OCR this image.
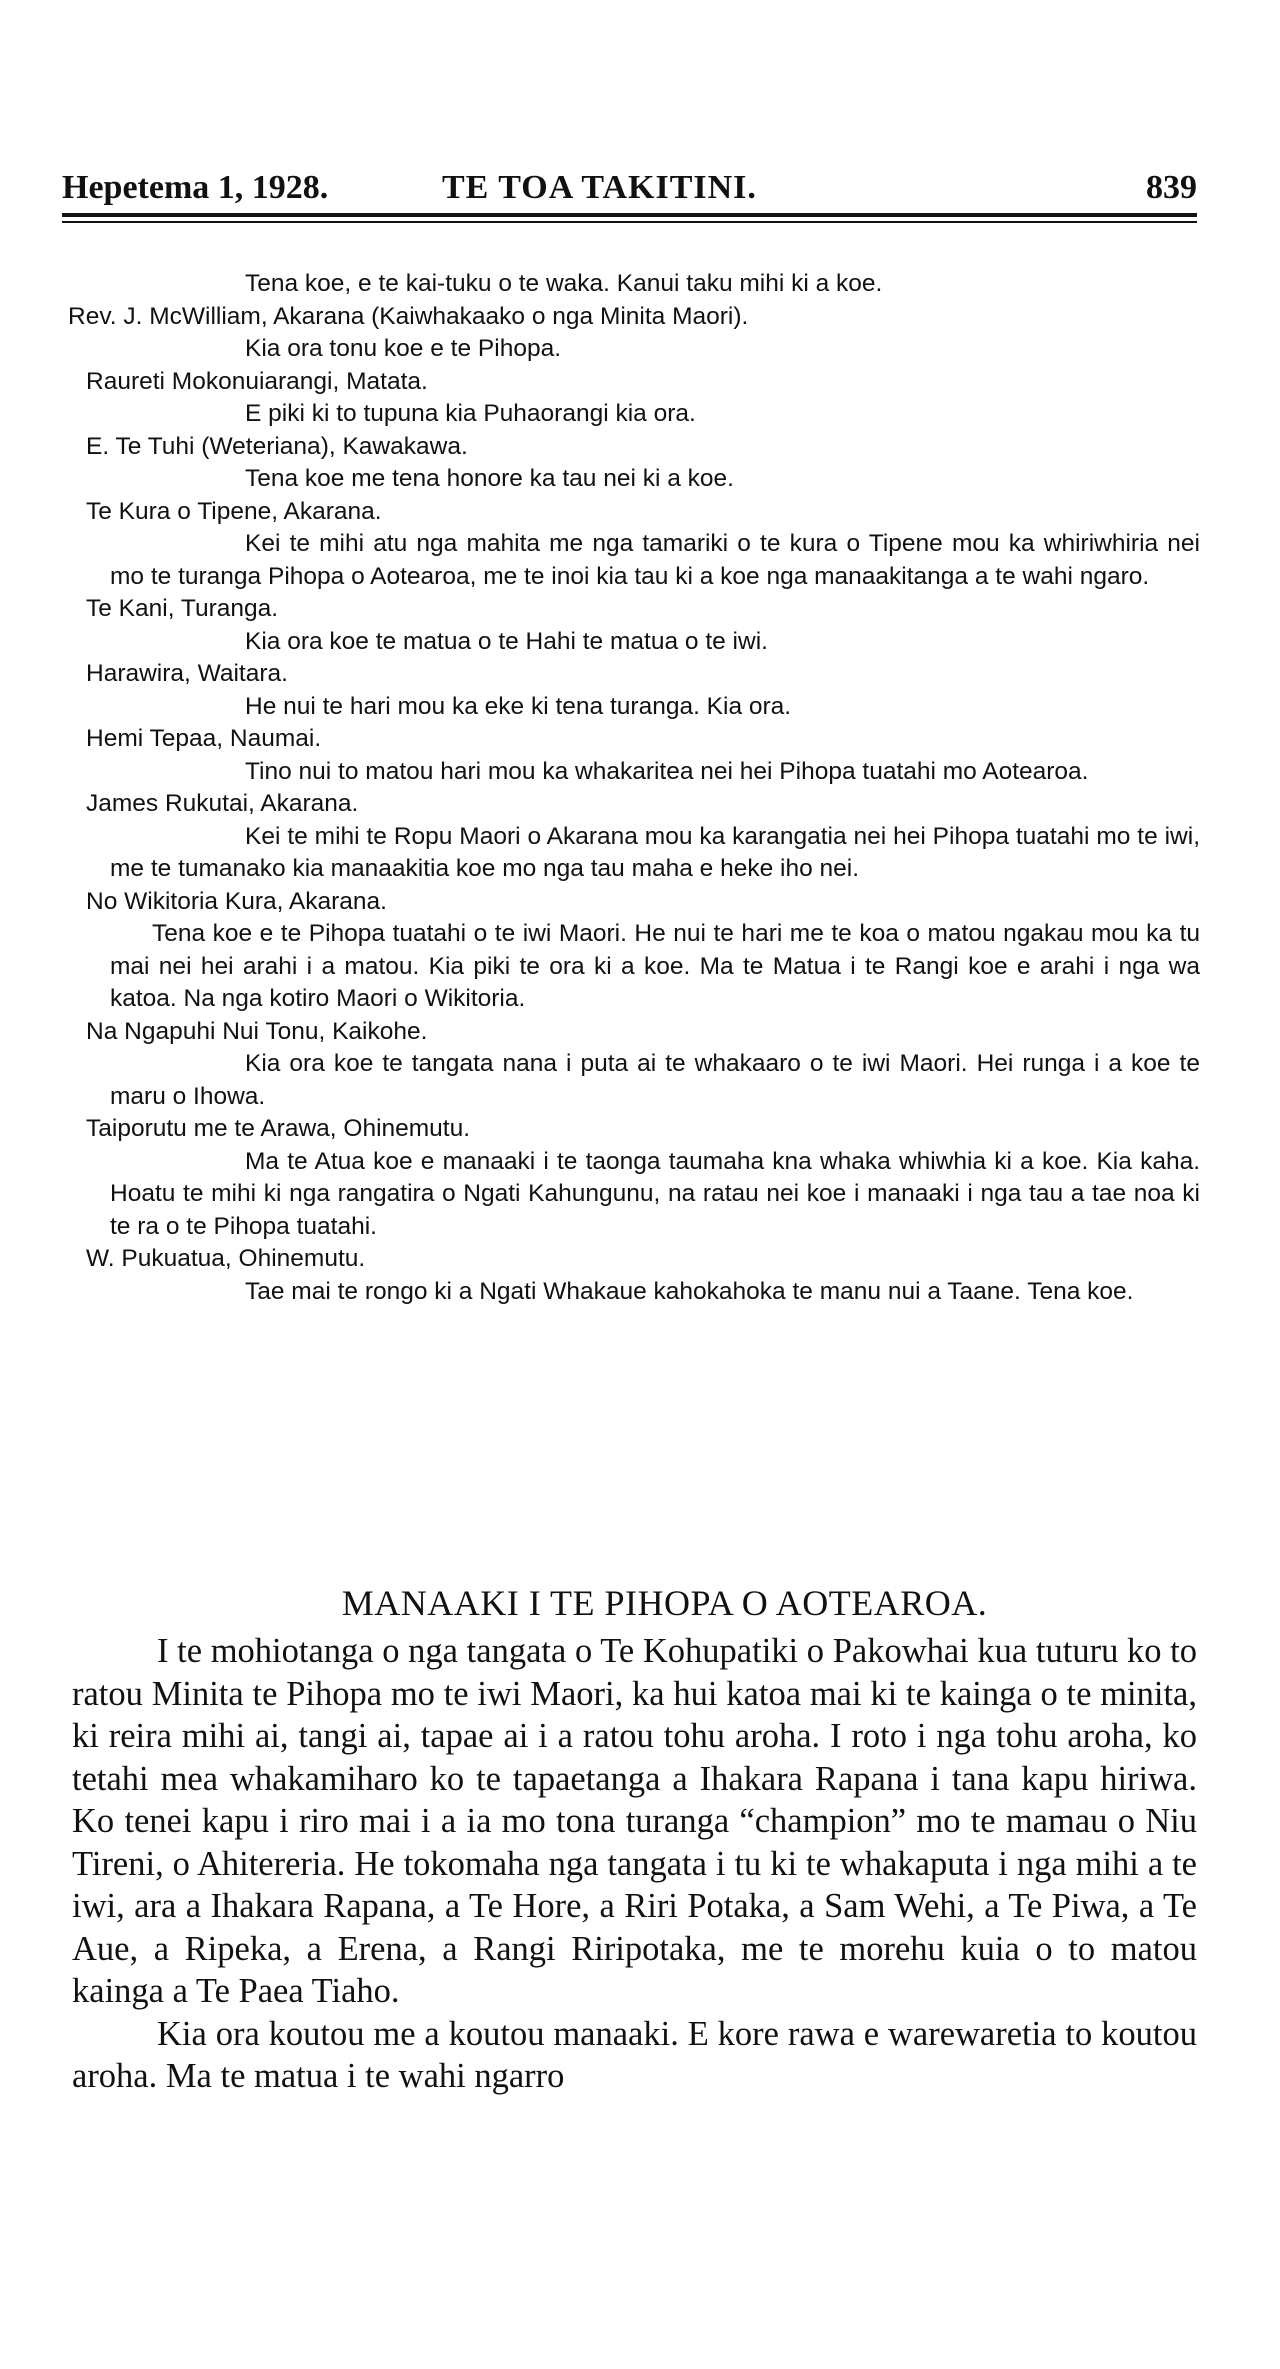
Hepetema 1, 1928.	TE TOA TAKITINI.	839
Tena koe, e te kai-tuku o te waka. Kanui taku mihi ki a koe.
Rev. J. McWilliam, Akarana (Kaiwhakaako o nga Minita Maori).
Kia ora tonu koe e te Pihopa.
Raureti Mokonuiarangi, Matata.
E piki ki to tupuna kia Puhaorangi kia ora.
E. Te Tuhi (Weteriana), Kawakawa.
Tena koe me tena honore ka tau nei ki a koe.
Te Kura o Tipene, Akarana.
Kei te mihi atu nga mahita me nga tamariki o te kura o Tipene mou ka whiriwhiria nei mo te turanga Pihopa o Aotearoa, me te inoi kia tau ki a koe nga manaakitanga a te wahi ngaro.
Te Kani, Turanga.
Kia ora koe te matua o te Hahi te matua o te iwi.
Harawira, Waitara.
He nui te hari mou ka eke ki tena turanga. Kia ora.
Hemi Tepaa, Naumai.
Tino nui to matou hari mou ka whakaritea nei hei Pihopa tuatahi mo Aotearoa.
James Rukutai, Akarana.
Kei te mihi te Ropu Maori o Akarana mou ka karangatia nei hei Pihopa tuatahi mo te iwi, me te tumanako kia manaakitia koe mo nga tau maha e heke iho nei.
No Wikitoria Kura, Akarana.
Tena koe e te Pihopa tuatahi o te iwi Maori. He nui te hari me te koa o matou ngakau mou ka tu mai nei hei arahi i a matou. Kia piki te ora ki a koe. Ma te Matua i te Rangi koe e arahi i nga wa katoa. Na nga kotiro Maori o Wikitoria.
Na Ngapuhi Nui Tonu, Kaikohe.
Kia ora koe te tangata nana i puta ai te whakaaro o te iwi Maori. Hei runga i a koe te maru o Ihowa.
Taiporutu me te Arawa, Ohinemutu.
Ma te Atua koe e manaaki i te taonga taumaha kna whaka whiwhia ki a koe. Kia kaha. Hoatu te mihi ki nga rangatira o Ngati Kahungunu, na ratau nei koe i manaaki i nga tau a tae noa ki te ra o te Pihopa tuatahi.
W. Pukuatua, Ohinemutu.
Tae mai te rongo ki a Ngati Whakaue kahokahoka te manu nui a Taane. Tena koe.
MANAAKI I TE PIHOPA O AOTEAROA.

I te mohiotanga o nga tangata o Te Kohupatiki o Pakowhai kua tuturu ko to ratou Minita te Pihopa mo te iwi Maori, ka hui katoa mai ki te kainga o te minita, ki reira mihi ai, tangi ai, tapae ai i a ratou tohu aroha. I roto i nga tohu aroha, ko tetahi mea whakamiharo ko te tapaetanga a Ihakara Rapana i tana kapu hiriwa. Ko tenei kapu i riro mai i a ia mo tona turanga “champion” mo te mamau o Niu Tireni, o Ahitereria. He tokomaha nga tangata i tu ki te whakaputa i nga mihi a te iwi, ara a Ihakara Rapana, a Te Hore, a Riri Potaka, a Sam Wehi, a Te Piwa, a Te Aue, a Ripeka, a Erena, a Rangi Riripotaka, me te morehu kuia o to matou kainga a Te Paea Tiaho.

Kia ora koutou me a koutou manaaki. E kore rawa e warewaretia to koutou aroha. Ma te matua i te wahi ngarro
